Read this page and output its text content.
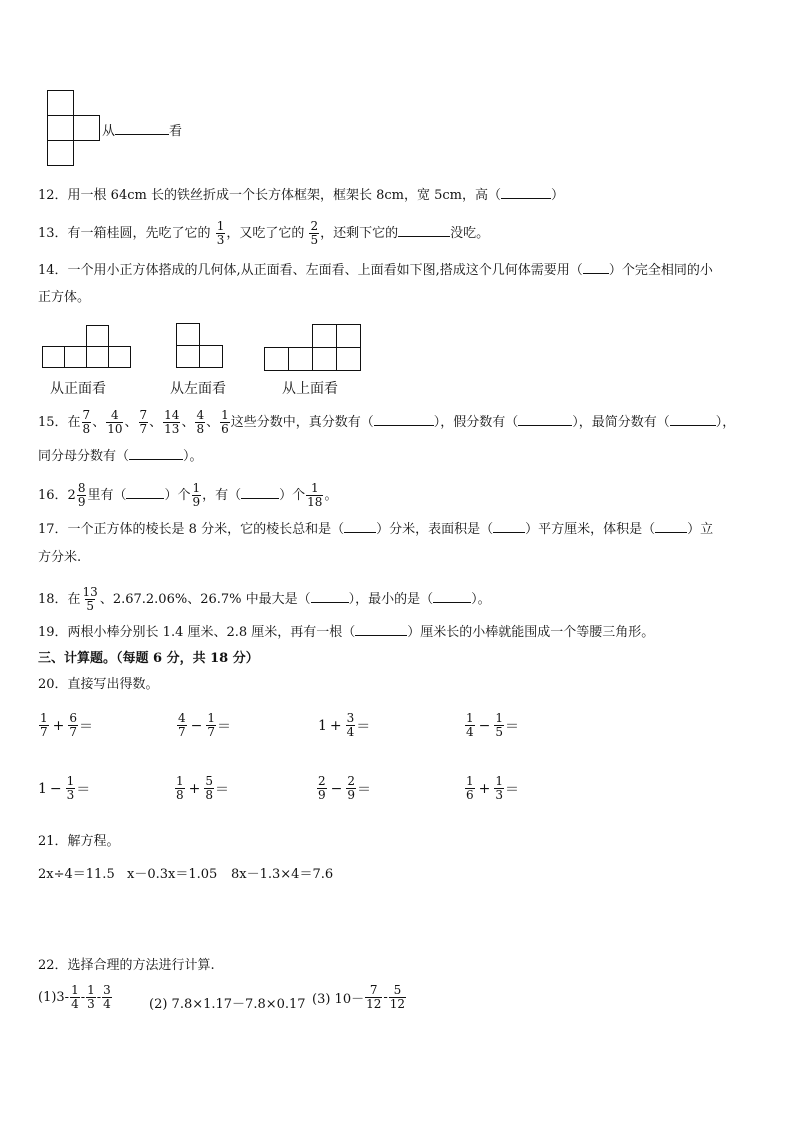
从	看
12．用一根 64cm 长的铁丝折成一个长方体框架，框架长 8cm，宽 5cm，高（	）
13．有一箱桂圆，先吃了它的 $\frac{1}{3}$ ，又吃了它的 $\frac{2}{5}$ ，还剩下它的	没吃。
14．一个用小正方体搭成的几何体,从正面看、左面看、上面看如下图,搭成这个几何体需要用（ ）个完全相同的小
正方体。
从正面看	从左面看	从上面看
15．在 $\frac{7}{8}$ 、 $\frac{4}{10}$ 、 $\frac{7}{7}$ 、 $\frac{14}{13}$ 、 $\frac{4}{8}$ 、 $\frac{1}{6}$ 这些分数中，真分数有（	），假分数有（	），最简分数有（	），
同分母分数有（	）。
16．$2 \frac{8}{9}$ 里有（	）个 $\frac{1}{9}$ ，有（	）个 $\frac{1}{18}$ 。
17．一个正方体的棱长是 8 分米，它的棱长总和是（ ）分米，表面积是（ ）平方厘米，体积是（ ）立
方分米.
18．在 $\frac{13}{5}$ 、2.67.2.06%、26.7% 中最大是（	），最小的是（	）。
19．两根小棒分别长 1.4 厘米、2.8 厘米，再有一根（	）厘米长的小棒就能围成一个等腰三角形。
三、计算题。（每题 6 分，共 18 分）
20．直接写出得数。
$\frac{1}{7} + \frac{6}{7}$ ＝	$\frac{4}{7} - \frac{1}{7}$ ＝	$1 + \frac{3}{4}$ ＝	$\frac{1}{4} - \frac{1}{5}$ ＝
$1 - \frac{1}{3}$ ＝	$\frac{1}{8} + \frac{5}{8}$ ＝	$\frac{2}{9} - \frac{2}{9}$ ＝	$\frac{1}{6} + \frac{1}{3}$ ＝
21．解方程。
2x÷4＝11.5 x－0.3x＝1.05 8x－1.3×4＝7.6
22．选择合理的方法进行计算.
$(1)3- \frac{1}{4} - \frac{1}{3} - \frac{3}{4}$	(2) 7.8×1.17－7.8×0.17 (3) $10- \frac{7}{12} - \frac{5}{12}$
